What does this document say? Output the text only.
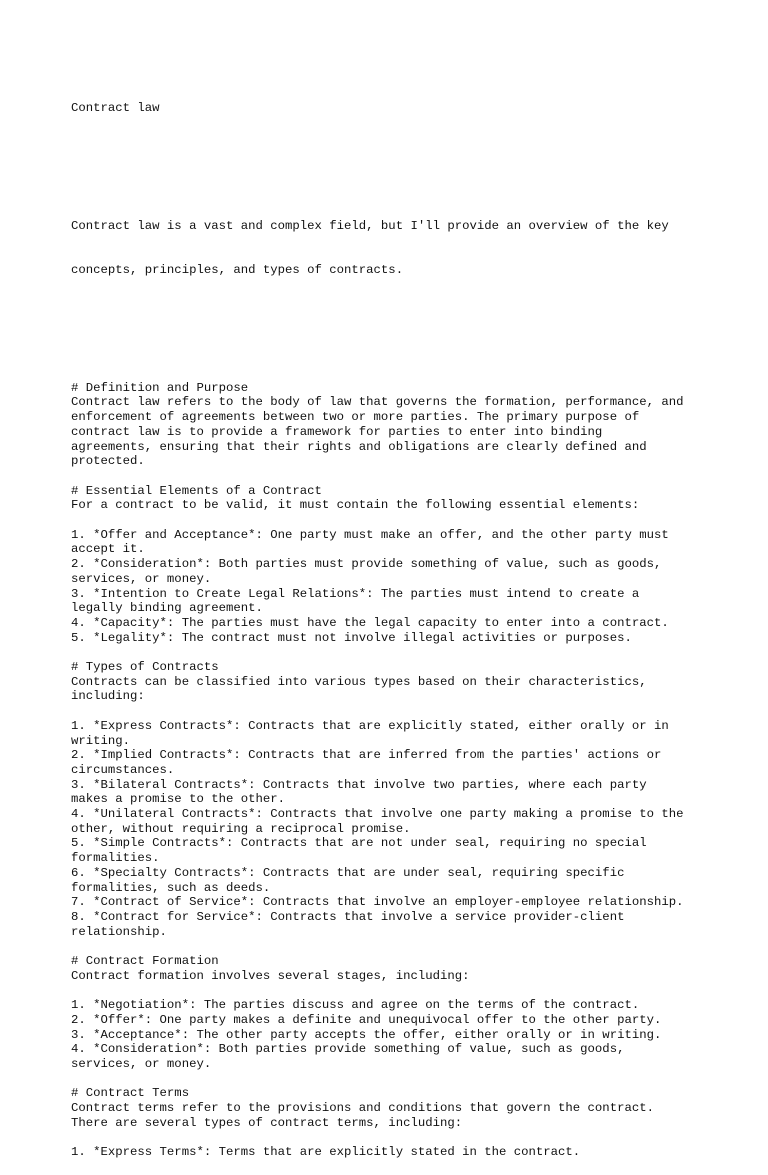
Contract law

Contract law is a vast and complex field, but I'll provide an overview of the key

concepts, principles, and types of contracts.

# Definition and Purpose
Contract law refers to the body of law that governs the formation, performance, and
enforcement of agreements between two or more parties. The primary purpose of
contract law is to provide a framework for parties to enter into binding
agreements, ensuring that their rights and obligations are clearly defined and
protected.
# Essential Elements of a Contract
For a contract to be valid, it must contain the following essential elements:
1. *Offer and Acceptance*: One party must make an offer, and the other party must
accept it.
2. *Consideration*: Both parties must provide something of value, such as goods,
services, or money.
3. *Intention to Create Legal Relations*: The parties must intend to create a
legally binding agreement.
4. *Capacity*: The parties must have the legal capacity to enter into a contract.
5. *Legality*: The contract must not involve illegal activities or purposes.
# Types of Contracts
Contracts can be classified into various types based on their characteristics,
including:
1. *Express Contracts*: Contracts that are explicitly stated, either orally or in
writing.
2. *Implied Contracts*: Contracts that are inferred from the parties' actions or
circumstances.
3. *Bilateral Contracts*: Contracts that involve two parties, where each party
makes a promise to the other.
4. *Unilateral Contracts*: Contracts that involve one party making a promise to the
other, without requiring a reciprocal promise.
5. *Simple Contracts*: Contracts that are not under seal, requiring no special
formalities.
6. *Specialty Contracts*: Contracts that are under seal, requiring specific
formalities, such as deeds.
7. *Contract of Service*: Contracts that involve an employer-employee relationship.
8. *Contract for Service*: Contracts that involve a service provider-client
relationship.
# Contract Formation
Contract formation involves several stages, including:
1. *Negotiation*: The parties discuss and agree on the terms of the contract.
2. *Offer*: One party makes a definite and unequivocal offer to the other party.
3. *Acceptance*: The other party accepts the offer, either orally or in writing.
4. *Consideration*: Both parties provide something of value, such as goods,
services, or money.
# Contract Terms
Contract terms refer to the provisions and conditions that govern the contract.
There are several types of contract terms, including:
1. *Express Terms*: Terms that are explicitly stated in the contract.
